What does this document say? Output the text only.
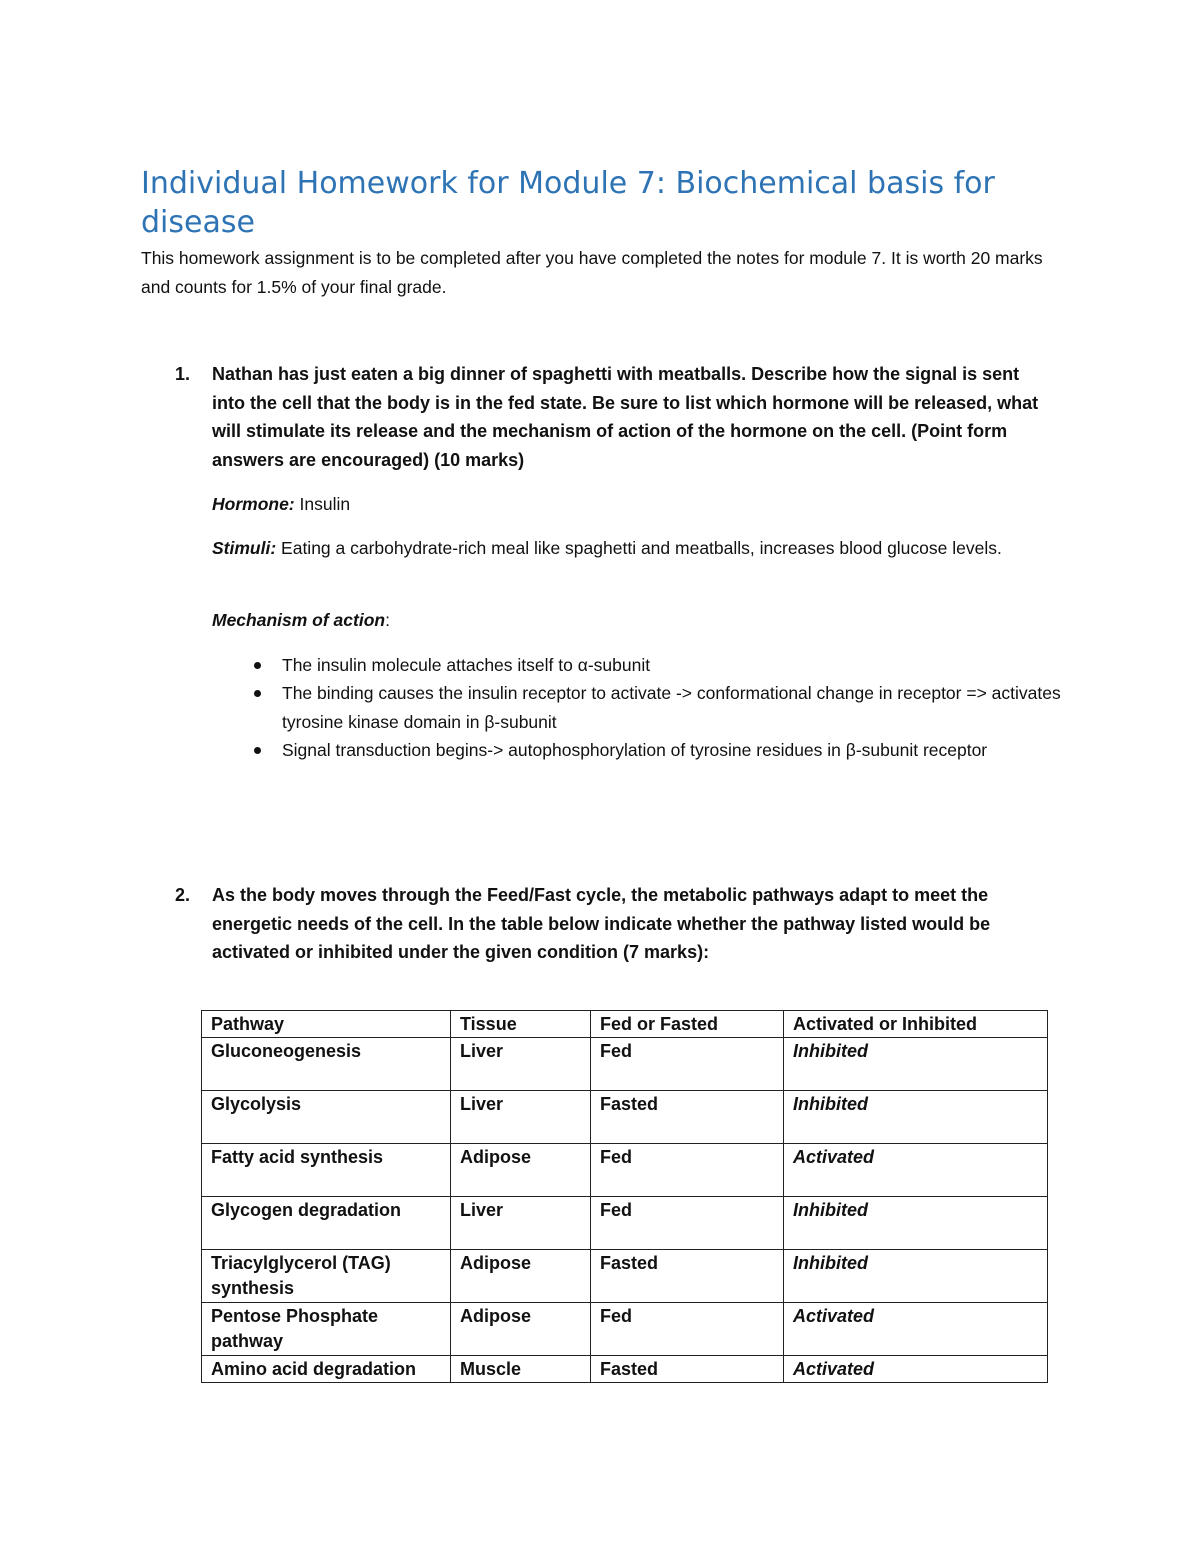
Individual Homework for Module 7: Biochemical basis for disease

This homework assignment is to be completed after you have completed the notes for module 7. It is worth 20 marks and counts for 1.5% of your final grade.

1. Nathan has just eaten a big dinner of spaghetti with meatballs. Describe how the signal is sent into the cell that the body is in the fed state. Be sure to list which hormone will be released, what will stimulate its release and the mechanism of action of the hormone on the cell. (Point form answers are encouraged) (10 marks)

Hormone: Insulin

Stimuli: Eating a carbohydrate-rich meal like spaghetti and meatballs, increases blood glucose levels.

Mechanism of action:

The insulin molecule attaches itself to α-subunit
The binding causes the insulin receptor to activate -> conformational change in receptor => activates tyrosine kinase domain in β-subunit
Signal transduction begins-> autophosphorylation of tyrosine residues in β-subunit receptor
2. As the body moves through the Feed/Fast cycle, the metabolic pathways adapt to meet the energetic needs of the cell. In the table below indicate whether the pathway listed would be activated or inhibited under the given condition (7 marks):
Pathway	Tissue	Fed or Fasted	Activated or Inhibited
Gluconeogenesis	Liver	Fed	Inhibited
Glycolysis	Liver	Fasted	Inhibited
Fatty acid synthesis	Adipose	Fed	Activated
Glycogen degradation	Liver	Fed	Inhibited
Triacylglycerol (TAG) synthesis	Adipose	Fasted	Inhibited
Pentose Phosphate pathway	Adipose	Fed	Activated
Amino acid degradation	Muscle	Fasted	Activated
